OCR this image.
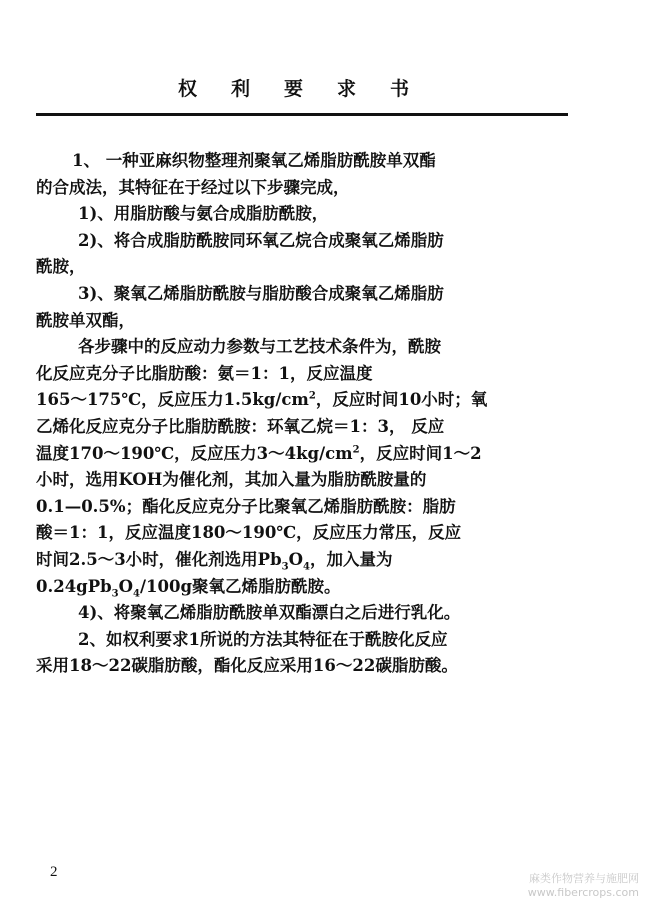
权利要求书
1、 一种亚麻织物整理剂聚氧乙烯脂肪酰胺单双酯
的合成法，其特征在于经过以下步骤完成，
1)、用脂肪酸与氨合成脂肪酰胺，
2)、将合成脂肪酰胺同环氧乙烷合成聚氧乙烯脂肪
酰胺，
3)、聚氧乙烯脂肪酰胺与脂肪酸合成聚氧乙烯脂肪
酰胺单双酯，
各步骤中的反应动力参数与工艺技术条件为，酰胺
化反应克分子比脂肪酸：氨＝1：1，反应温度
165～175℃，反应压力$1.5kg/cm^2$，反应时间10小时；氧
乙烯化反应克分子比脂肪酰胺：环氧乙烷＝1：3， 反应
温度170～190℃，反应压力$3\sim 4kg/cm^2$，反应时间1～2
小时，选用KOH为催化剂，其加入量为脂肪酰胺量的
0.1—0.5%；酯化反应克分子比聚氧乙烯脂肪酰胺：脂肪
酸＝1：1，反应温度180～190℃，反应压力常压，反应
时间2.5～3小时，催化剂选用$Pb_3O_4$，加入量为
$0.24gPb_3O_4/100g$聚氧乙烯脂肪酰胺。
4)、将聚氧乙烯脂肪酰胺单双酯漂白之后进行乳化。
2、如权利要求1所说的方法其特征在于酰胺化反应
采用18～22碳脂肪酸，酯化反应采用16～22碳脂肪酸。
2	麻类作物营养与施肥网
www.fibercrops.com
